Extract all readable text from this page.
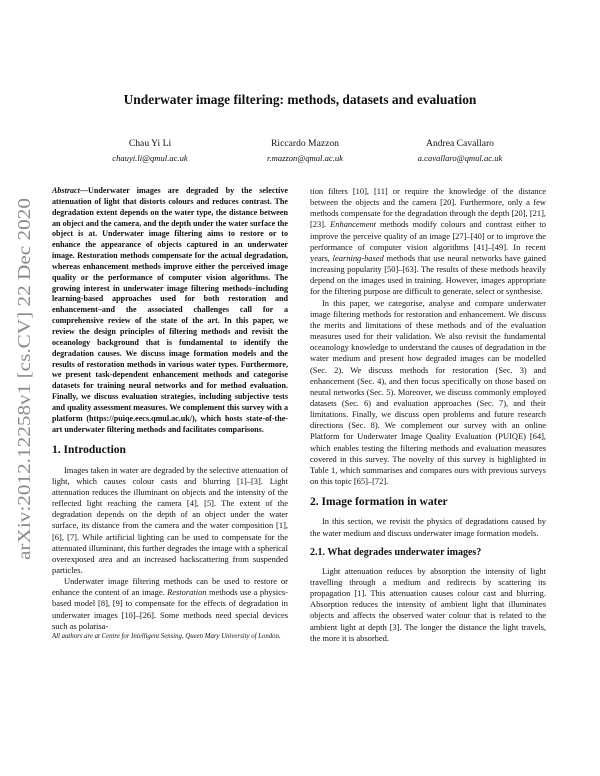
arXiv:2012.12258v1 [cs.CV] 22 Dec 2020
Underwater image filtering: methods, datasets and evaluation
Chau Yi Li
chauyi.li@qmul.ac.uk
Riccardo Mazzon
r.mazzon@qmul.ac.uk
Andrea Cavallaro
a.cavallaro@qmul.ac.uk

Abstract—Underwater images are degraded by the selective attenuation of light that distorts colours and reduces contrast. The degradation extent depends on the water type, the distance between an object and the camera, and the depth under the water surface the object is at. Underwater image filtering aims to restore or to enhance the appearance of objects captured in an underwater image. Restoration methods compensate for the actual degradation, whereas enhancement methods improve either the perceived image quality or the performance of computer vision algorithms. The growing interest in underwater image filtering methods–including learning-based approaches used for both restoration and enhancement–and the associated challenges call for a comprehensive review of the state of the art. In this paper, we review the design principles of filtering methods and revisit the oceanology background that is fundamental to identify the degradation causes. We discuss image formation models and the results of restoration methods in various water types. Furthermore, we present task-dependent enhancement methods and categorise datasets for training neural networks and for method evaluation. Finally, we discuss evaluation strategies, including subjective tests and quality assessment measures. We complement this survey with a platform (https://puiqe.eecs.qmul.ac.uk/), which hosts state-of-the-art underwater filtering methods and facilitates comparisons.

1. Introduction

Images taken in water are degraded by the selective attenuation of light, which causes colour casts and blurring [1]–[3]. Light attenuation reduces the illuminant on objects and the intensity of the reflected light reaching the camera [4], [5]. The extent of the degradation depends on the depth of an object under the water surface, its distance from the camera and the water composition [1], [6], [7]. While artificial lighting can be used to compensate for the attenuated illuminant, this further degrades the image with a spherical overexposed area and an increased backscattering from suspended particles.

Underwater image filtering methods can be used to restore or enhance the content of an image. Restoration methods use a physics-based model [8], [9] to compensate for the effects of degradation in underwater images [10]–[26]. Some methods need special devices such as polarisa-

All authors are at Centre for Intelligent Sensing, Queen Mary University of London.

tion filters [10], [11] or require the knowledge of the distance between the objects and the camera [20]. Furthermore, only a few methods compensate for the degradation through the depth [20], [21], [23]. Enhancement methods modify colours and contrast either to improve the perceive quality of an image [27]–[40] or to improve the performance of computer vision algorithms [41]–[49]. In recent years, learning-based methods that use neural networks have gained increasing popularity [50]–[63]. The results of these methods heavily depend on the images used in training. However, images appropriate for the filtering purpose are difficult to generate, select or synthesise.

In this paper, we categorise, analyse and compare underwater image filtering methods for restoration and enhancement. We discuss the merits and limitations of these methods and of the evaluation measures used for their validation. We also revisit the fundamental oceanology knowledge to understand the causes of degradation in the water medium and present how degraded images can be modelled (Sec. 2). We discuss methods for restoration (Sec. 3) and enhancement (Sec. 4), and then focus specifically on those based on neural networks (Sec. 5). Moreover, we discuss commonly employed datasets (Sec. 6) and evaluation approaches (Sec. 7), and their limitations. Finally, we discuss open problems and future research directions (Sec. 8). We complement our survey with an online Platform for Underwater Image Quality Evaluation (PUIQE) [64], which enables testing the filtering methods and evaluation measures covered in this survey. The novelty of this survey is highlighted in Table 1, which summarises and compares ours with previous surveys on this topic [65]–[72].

2. Image formation in water

In this section, we revisit the physics of degradations caused by the water medium and discuss underwater image formation models.

2.1. What degrades underwater images?

Light attenuation reduces by absorption the intensity of light travelling through a medium and redirects by scattering its propagation [1]. This attenuation causes colour cast and blurring. Absorption reduces the intensity of ambient light that illuminates objects and affects the observed water colour that is related to the ambient light at depth [3]. The longer the distance the light travels, the more it is absorbed.
